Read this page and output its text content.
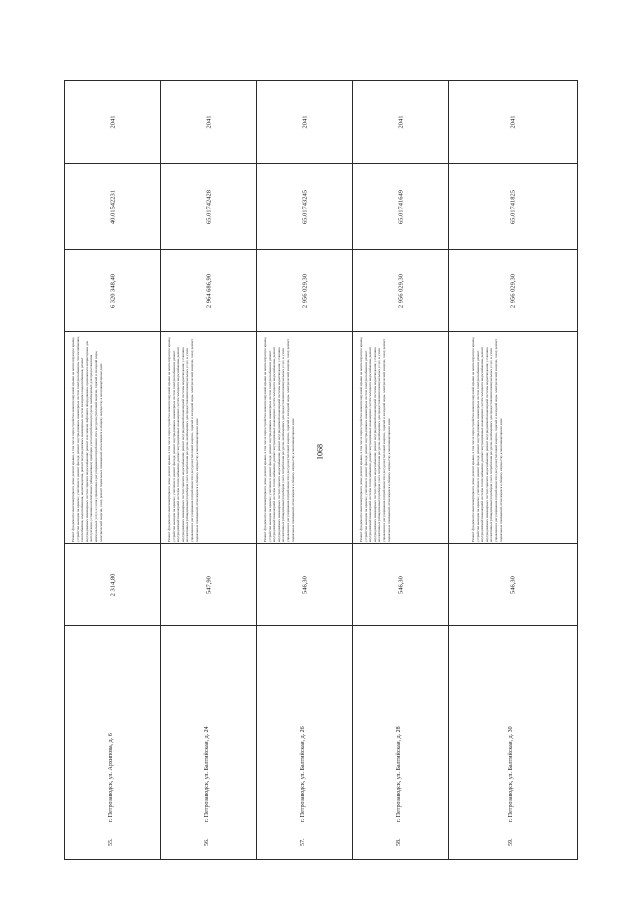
1068
2041
40.01542231
6 320 348,40
Ремонт фундамента многоквартирного дома; ремонт крыши, в том числе переустройство невентилируемой крыши на вентилируемую крышу, устройство выходов на кровлю; утепление и ремонт фасада; ремонт внутридомовых инженерных систем электроснабжения, теплоснабжения, газоснабжения, водоснабжения, водоотведения, ремонт внутридомовых инженерных систем холодного водоснабжения, ремонт внутридомовых инженерных систем горячего водоснабжения; ремонт или замена лифтового оборудования, признанного непригодным для эксплуатации, установка коллективных (общедомовых) приборов учета потребления ресурсов, необходимых для предоставления коммунальных услуг, и узлов управления и регулирования потребления этих ресурсов (тепловой энергии, горячей и холодной воды, электрической энергии, газа); ремонт подвальных помещений, относящихся к общему имуществу в многоквартирном доме
2 314,80
55.
г. Петрозаводск, ул. Архипова, д. 6
2041
65.01742428
2 964 686,90
Ремонт фундамента многоквартирного дома; ремонт крыши, в том числе переустройство невентилируемой крыши на вентилируемую крышу, устройство выходов на кровлю; утепление и ремонт фасада; ремонт внутридомовых инженерных систем электроснабжения, ремонт внутридомовой инженерной системы теплоснабжения, ремонт внутридомовых инженерных систем холодного водоснабжения, ремонт внутридомовых инженерных систем горячего водоснабжения; ремонт внутридомовой инженерной системы водоотведения; установка коллективных (общедомовых) приборов учета потребления ресурсов, необходимых для предоставления коммунальных услуг, и узлов управления и регулирования потребления этих ресурсов (тепловой энергии, горячей и холодной воды, электрической энергии, газа); ремонт подвальных помещений, относящихся к общему имуществу в многоквартирном доме
547,90
56.
г. Петрозаводск, ул. Балтийская, д. 24
2041
65.01743245
2 956 029,30
Ремонт фундамента многоквартирного дома; ремонт крыши, в том числе переустройство невентилируемой крыши на вентилируемую крышу, устройство выходов на кровлю; утепление и ремонт фасада; ремонт внутридомовых инженерных систем электроснабжения, ремонт внутридомовой инженерной системы теплоснабжения, ремонт внутридомовых инженерных систем холодного водоснабжения, ремонт внутридомовых инженерных систем горячего водоснабжения; ремонт внутридомовой инженерной системы водоотведения; установка коллективных (общедомовых) приборов учета потребления ресурсов, необходимых для предоставления коммунальных услуг, и узлов управления и регулирования потребления этих ресурсов (тепловой энергии, горячей и холодной воды, электрической энергии, газа); ремонт подвальных помещений, относящихся к общему имуществу в многоквартирном доме
546,30
57.
г. Петрозаводск, ул. Балтийская, д. 26
2041
65.01741649
2 956 029,30
Ремонт фундамента многоквартирного дома; ремонт крыши, в том числе переустройство невентилируемой крыши на вентилируемую крышу, устройство выходов на кровлю; утепление и ремонт фасада; ремонт внутридомовых инженерных систем электроснабжения, ремонт внутридомовой инженерной системы теплоснабжения, ремонт внутридомовых инженерных систем холодного водоснабжения, ремонт внутридомовых инженерных систем горячего водоснабжения; ремонт внутридомовой инженерной системы водоотведения; установка коллективных (общедомовых) приборов учета потребления ресурсов, необходимых для предоставления коммунальных услуг, и узлов управления и регулирования потребления этих ресурсов (тепловой энергии, горячей и холодной воды, электрической энергии, газа); ремонт подвальных помещений, относящихся к общему имуществу в многоквартирном доме
546,30
58.
г. Петрозаводск, ул. Балтийская, д. 28
2041
65.01741825
2 956 029,30
Ремонт фундамента многоквартирного дома; ремонт крыши, в том числе переустройство невентилируемой крыши на вентилируемую крышу, устройство выходов на кровлю; утепление и ремонт фасада; ремонт внутридомовых инженерных систем электроснабжения, ремонт внутридомовой инженерной системы теплоснабжения, ремонт внутридомовых инженерных систем холодного водоснабжения, ремонт внутридомовых инженерных систем горячего водоснабжения; ремонт внутридомовой инженерной системы водоотведения; установка коллективных (общедомовых) приборов учета потребления ресурсов, необходимых для предоставления коммунальных услуг, и узлов управления и регулирования потребления этих ресурсов (тепловой энергии, горячей и холодной воды, электрической энергии, газа); ремонт подвальных помещений, относящихся к общему имуществу в многоквартирном доме
546,30
59.
г. Петрозаводск, ул. Балтийская, д. 30
